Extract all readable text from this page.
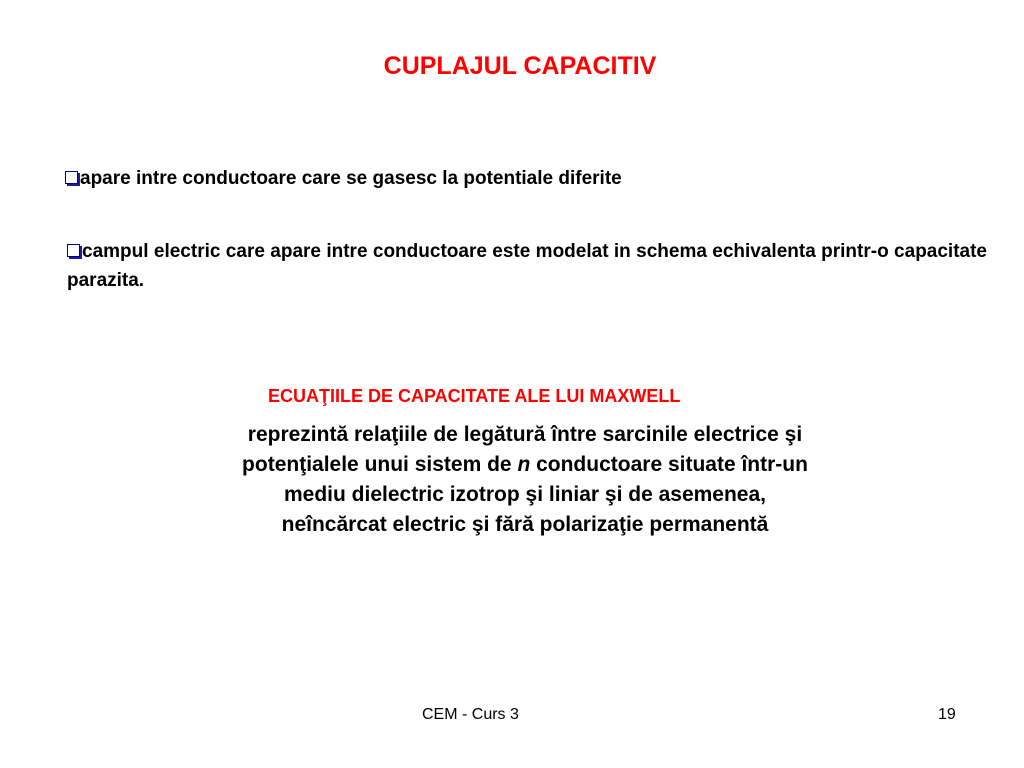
CUPLAJUL CAPACITIV
apare intre conductoare care se gasesc la potentiale diferite
campul electric care apare intre conductoare este modelat in schema echivalenta printr-o capacitate parazita.
ECUAŢIILE DE CAPACITATE ALE LUI MAXWELL
reprezintă relaţiile de legătură între sarcinile electrice şi potenţialele unui sistem de n conductoare situate într-un mediu dielectric izotrop şi liniar şi de asemenea, neîncărcat electric şi fără polarizaţie permanentă
CEM - Curs 3	19
